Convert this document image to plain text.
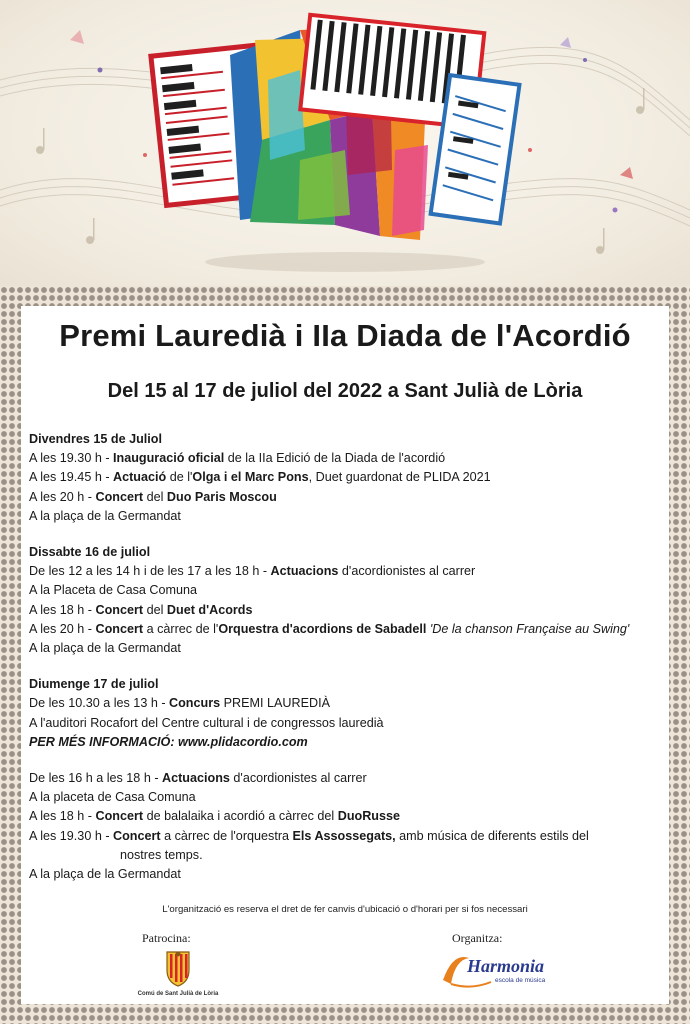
Premi Lauredià i IIa Diada de l'Acordió
Del 15 al 17 de juliol del 2022 a Sant Julià de Lòria
Divendres 15 de Juliol
A les 19.30 h - Inauguració oficial de la IIa Edició de la Diada de l'acordió
A les 19.45 h - Actuació de l'Olga i el Marc Pons, Duet guardonat de PLIDA 2021
A les 20 h - Concert del Duo Paris Moscou
A la plaça de la Germandat
Dissabte 16 de juliol
De les 12 a les 14 h i de les 17 a les 18 h - Actuacions d'acordionistes al carrer
A la Placeta de Casa Comuna
A les 18 h - Concert del Duet d'Acords
A les 20 h - Concert a càrrec de l'Orquestra d'acordions de Sabadell 'De la chanson Française au Swing'
A la plaça de la Germandat
Diumenge 17 de juliol
De les 10.30 a les 13 h - Concurs PREMI LAUREDIÀ
A l'auditori Rocafort del Centre cultural i de congressos lauredià
PER MÉS INFORMACIÓ: www.plidacordio.com
De les 16 h a les 18 h - Actuacions d'acordionistes al carrer
A la placeta de Casa Comuna
A les 18 h - Concert de balalaika i acordió a càrrec del DuoRusse
A les 19.30 h - Concert a càrrec de l'orquestra Els Assossegats, amb música de diferents estils del
nostres temps.
A la plaça de la Germandat
L'organització es reserva el dret de fer canvis d'ubicació o d'horari per si fos necessari
Patrocina:	Organitza:
Comú de Sant Julià de Lòria
Harmonia
escola de música
